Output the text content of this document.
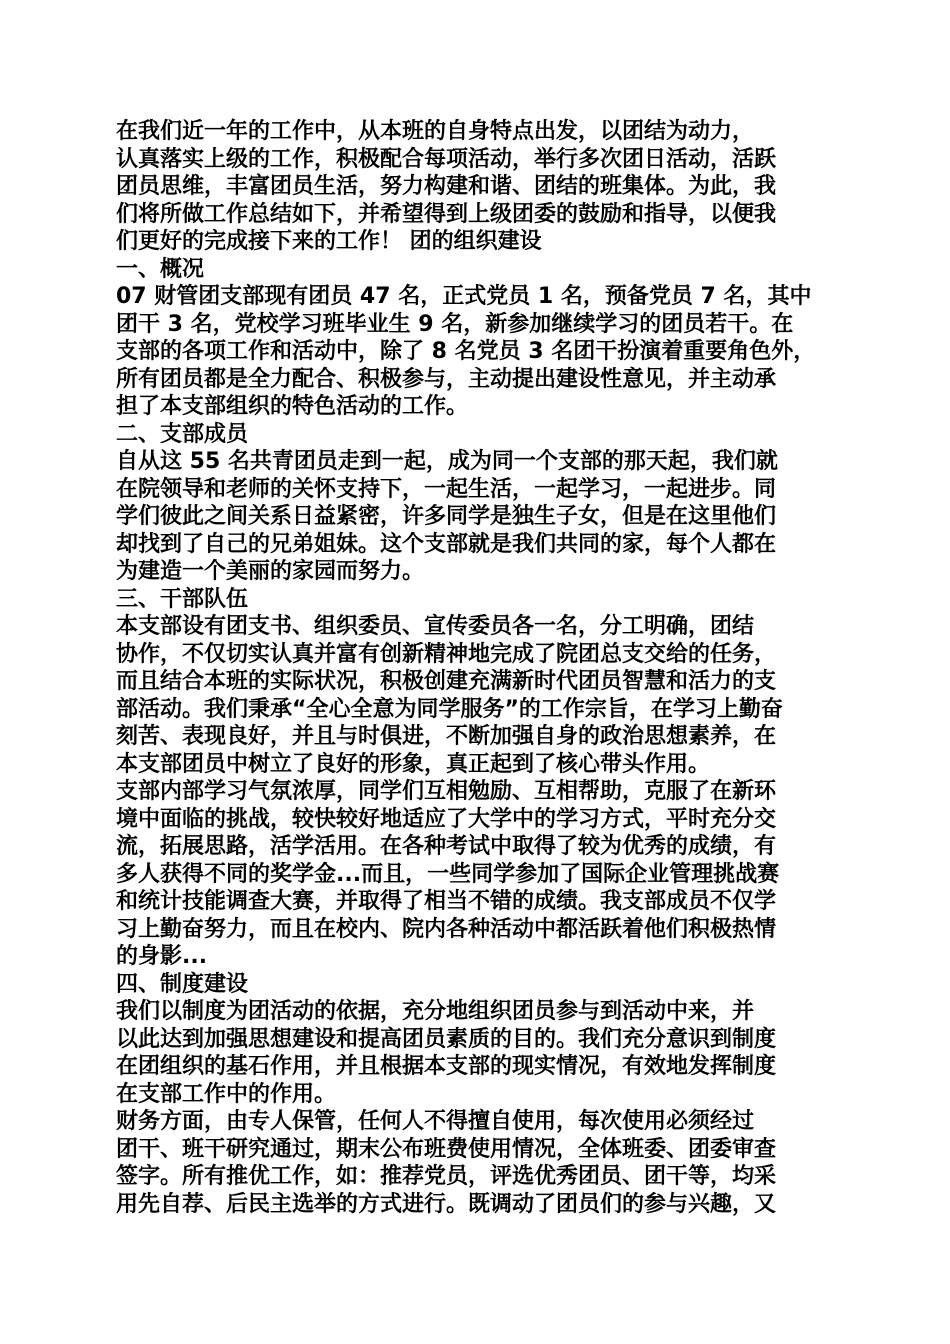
在我们近一年的工作中，从本班的自身特点出发，以团结为动力，
认真落实上级的工作，积极配合每项活动，举行多次团日活动，活跃
团员思维，丰富团员生活，努力构建和谐、团结的班集体。为此，我
们将所做工作总结如下，并希望得到上级团委的鼓励和指导，以便我
们更好的完成接下来的工作！ 团的组织建设
一、概况
07 财管团支部现有团员 47 名，正式党员 1 名，预备党员 7 名，其中
团干 3 名，党校学习班毕业生 9 名，新参加继续学习的团员若干。在
支部的各项工作和活动中，除了 8 名党员 3 名团干扮演着重要角色外，
所有团员都是全力配合、积极参与，主动提出建设性意见，并主动承
担了本支部组织的特色活动的工作。
二、支部成员
自从这 55 名共青团员走到一起，成为同一个支部的那天起，我们就
在院领导和老师的关怀支持下，一起生活，一起学习，一起进步。同
学们彼此之间关系日益紧密，许多同学是独生子女，但是在这里他们
却找到了自己的兄弟姐妹。这个支部就是我们共同的家，每个人都在
为建造一个美丽的家园而努力。
三、干部队伍
本支部设有团支书、组织委员、宣传委员各一名，分工明确，团结
协作，不仅切实认真并富有创新精神地完成了院团总支交给的任务，
而且结合本班的实际状况，积极创建充满新时代团员智慧和活力的支
部活动。我们秉承“全心全意为同学服务”的工作宗旨，在学习上勤奋
刻苦、表现良好，并且与时俱进，不断加强自身的政治思想素养，在
本支部团员中树立了良好的形象，真正起到了核心带头作用。
支部内部学习气氛浓厚，同学们互相勉励、互相帮助，克服了在新环
境中面临的挑战，较快较好地适应了大学中的学习方式，平时充分交
流，拓展思路，活学活用。在各种考试中取得了较为优秀的成绩，有
多人获得不同的奖学金...而且，一些同学参加了国际企业管理挑战赛
和统计技能调查大赛，并取得了相当不错的成绩。我支部成员不仅学
习上勤奋努力，而且在校内、院内各种活动中都活跃着他们积极热情
的身影...
四、制度建设
我们以制度为团活动的依据，充分地组织团员参与到活动中来，并
以此达到加强思想建设和提高团员素质的目的。我们充分意识到制度
在团组织的基石作用，并且根据本支部的现实情况，有效地发挥制度
在支部工作中的作用。
财务方面，由专人保管，任何人不得擅自使用，每次使用必须经过
团干、班干研究通过，期末公布班费使用情况，全体班委、团委审查
签字。所有推优工作，如：推荐党员，评选优秀团员、团干等，均采
用先自荐、后民主选举的方式进行。既调动了团员们的参与兴趣，又
